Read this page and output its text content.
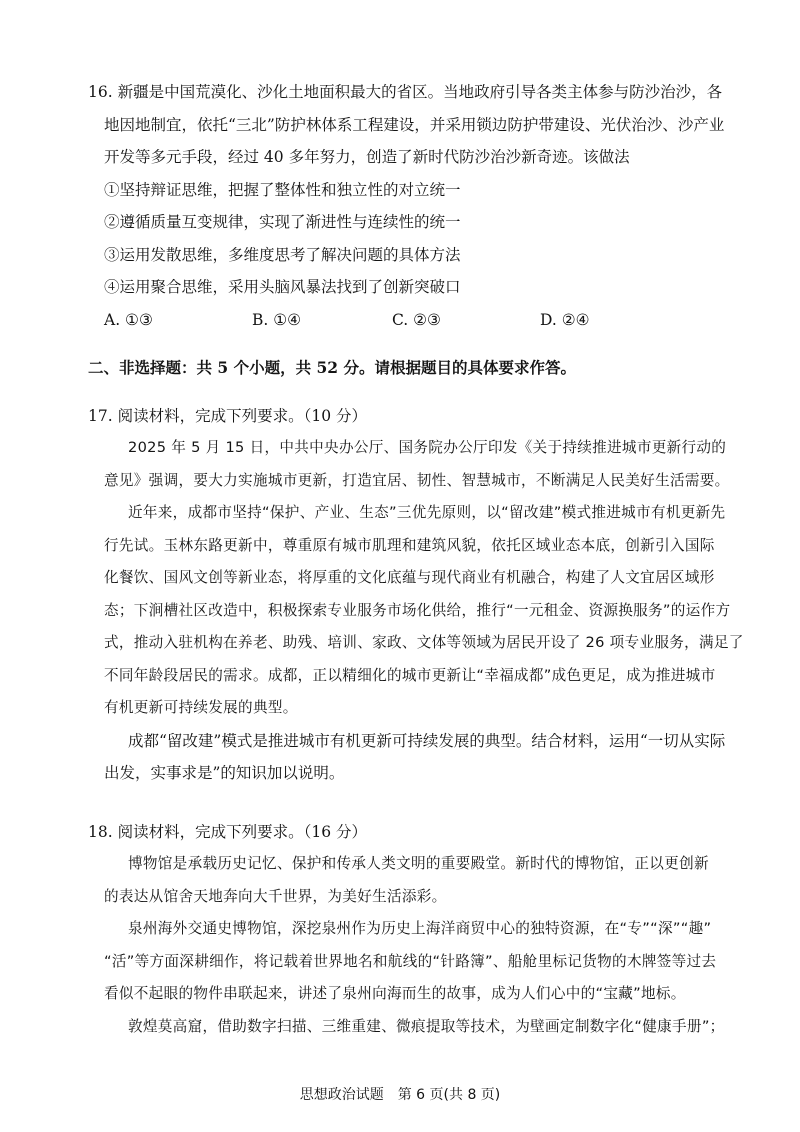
16. 新疆是中国荒漠化、沙化土地面积最大的省区。当地政府引导各类主体参与防沙治沙，各

地因地制宜，依托“三北”防护林体系工程建设，并采用锁边防护带建设、光伏治沙、沙产业

开发等多元手段，经过 40 多年努力，创造了新时代防沙治沙新奇迹。该做法

①坚持辩证思维，把握了整体性和独立性的对立统一

②遵循质量互变规律，实现了渐进性与连续性的统一

③运用发散思维，多维度思考了解决问题的具体方法

④运用聚合思维，采用头脑风暴法找到了创新突破口

A. ①③	B. ①④	C. ②③	D. ②④

二、非选择题：共 5 个小题，共 52 分。请根据题目的具体要求作答。

17. 阅读材料，完成下列要求。（10 分）

2025 年 5 月 15 日，中共中央办公厅、国务院办公厅印发《关于持续推进城市更新行动的

意见》强调，要大力实施城市更新，打造宜居、韧性、智慧城市，不断满足人民美好生活需要。

近年来，成都市坚持“保护、产业、生态”三优先原则，以“留改建”模式推进城市有机更新先

行先试。玉林东路更新中，尊重原有城市肌理和建筑风貌，依托区域业态本底，创新引入国际

化餐饮、国风文创等新业态，将厚重的文化底蕴与现代商业有机融合，构建了人文宜居区域形

态；下涧槽社区改造中，积极探索专业服务市场化供给，推行“一元租金、资源换服务”的运作方

式，推动入驻机构在养老、助残、培训、家政、文体等领域为居民开设了 26 项专业服务，满足了

不同年龄段居民的需求。成都，正以精细化的城市更新让“幸福成都”成色更足，成为推进城市

有机更新可持续发展的典型。

成都“留改建”模式是推进城市有机更新可持续发展的典型。结合材料，运用“一切从实际

出发，实事求是”的知识加以说明。

18. 阅读材料，完成下列要求。（16 分）

博物馆是承载历史记忆、保护和传承人类文明的重要殿堂。新时代的博物馆，正以更创新

的表达从馆舍天地奔向大千世界，为美好生活添彩。

泉州海外交通史博物馆，深挖泉州作为历史上海洋商贸中心的独特资源，在“专”“深”“趣”

“活”等方面深耕细作，将记载着世界地名和航线的“针路簿”、船舱里标记货物的木牌签等过去

看似不起眼的物件串联起来，讲述了泉州向海而生的故事，成为人们心中的“宝藏”地标。

敦煌莫高窟，借助数字扫描、三维重建、微痕提取等技术，为壁画定制数字化“健康手册”；

思想政治试题　第 6 页(共 8 页)
